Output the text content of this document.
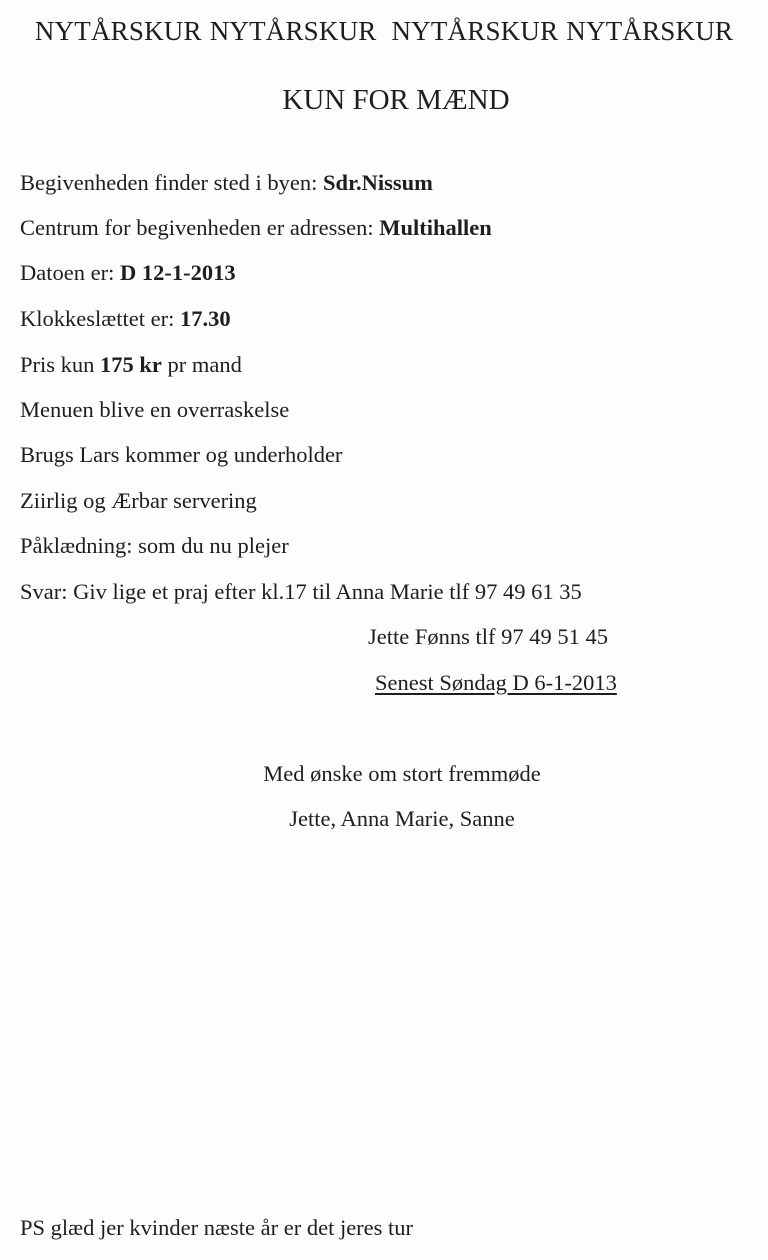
NYTÅRSKUR NYTÅRSKUR NYTÅRSKUR NYTÅRSKUR
KUN FOR MÆND
Begivenheden finder sted i byen: Sdr.Nissum
Centrum for begivenheden er adressen: Multihallen
Datoen er: D 12-1-2013
Klokkeslættet er: 17.30
Pris kun 175 kr pr mand
Menuen blive en overraskelse
Brugs Lars kommer og underholder
Ziirlig og Ærbar servering
Påklædning: som du nu plejer
Svar: Giv lige et praj efter kl.17 til Anna Marie tlf 97 49 61 35
Jette Fønns tlf 97 49 51 45
Senest Søndag D 6-1-2013
Med ønske om stort fremmøde
Jette, Anna Marie, Sanne
PS glæd jer kvinder næste år er det jeres tur
